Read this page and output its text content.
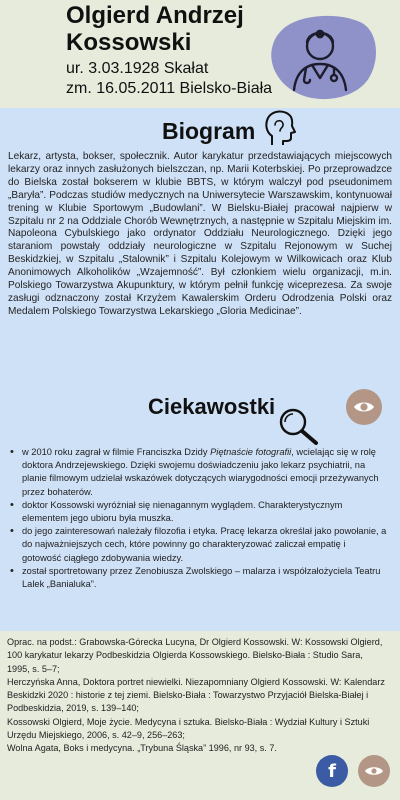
Olgierd Andrzej Kossowski
ur. 3.03.1928 Skałat
zm. 16.05.2011 Bielsko-Biała
Biogram

Lekarz, artysta, bokser, społecznik. Autor karykatur przedstawiających miejscowych lekarzy oraz innych zasłużonych bielszczan, np. Marii Koterbskiej. Po przeprowadzce do Bielska został bokserem w klubie BBTS, w którym walczył pod pseudonimem „Baryła”. Podczas studiów medycznych na Uniwersytecie Warszawskim, kontynuował trening w Klubie Sportowym „Budowlani”. W Bielsku-Białej pracował najpierw w Szpitalu nr 2 na Oddziale Chorób Wewnętrznych, a następnie w Szpitalu Miejskim im. Napoleona Cybulskiego jako ordynator Oddziału Neurologicznego. Dzięki jego staraniom powstały oddziały neurologiczne w Szpitalu Rejonowym w Suchej Beskidzkiej, w Szpitalu „Stalownik” i Szpitalu Kolejowym w Wilkowicach oraz Klub Anonimowych Alkoholików „Wzajemność”. Był członkiem wielu organizacji, m.in. Polskiego Towarzystwa Akupunktury, w którym pełnił funkcję wiceprezesa. Za swoje zasługi odznaczony został Krzyżem Kawalerskim Orderu Odrodzenia Polski oraz Medalem Polskiego Towarzystwa Lekarskiego „Gloria Medicinae”.

Ciekawostki
• w 2010 roku zagrał w filmie Franciszka Dzidy Piętnaście fotografii, wcielając się w rolę doktora Andrzejewskiego. Dzięki swojemu doświadczeniu jako lekarz psychiatrii, na planie filmowym udzielał wskazówek dotyczących wiarygodności emocji przeżywanych przez bohaterów.
• doktor Kossowski wyróżniał się nienagannym wyglądem. Charakterystycznym elementem jego ubioru była muszka.
• do jego zainteresowań należały filozofia i etyka. Pracę lekarza określał jako powołanie, a do najważniejszych cech, które powinny go charakteryzować zaliczał empatię i gotowość ciągłego zdobywania wiedzy.
• został sportretowany przez Zenobiusza Zwolskiego – malarza i współzałożyciela Teatru Lalek „Banialuka”.

Oprac. na podst.: Grabowska-Górecka Lucyna, Dr Olgierd Kossowski. W: Kossowski Olgierd, 100 karykatur lekarzy Podbeskidzia Olgierda Kossowskiego. Bielsko-Biała : Studio Sara, 1995, s. 5–7;

Herczyńska Anna, Doktora portret niewielki. Niezapomniany Olgierd Kossowski. W: Kalendarz Beskidzki 2020 : historie z tej ziemi. Bielsko-Biała : Towarzystwo Przyjaciół Bielska-Białej i Podbeskidzia, 2019, s. 139–140;

Kossowski Olgierd, Moje życie. Medycyna i sztuka. Bielsko-Biała : Wydział Kultury i Sztuki Urzędu Miejskiego, 2006, s. 42–9, 256–263;

Wolna Agata, Boks i medycyna. „Trybuna Śląska” 1996, nr 93, s. 7.

f
